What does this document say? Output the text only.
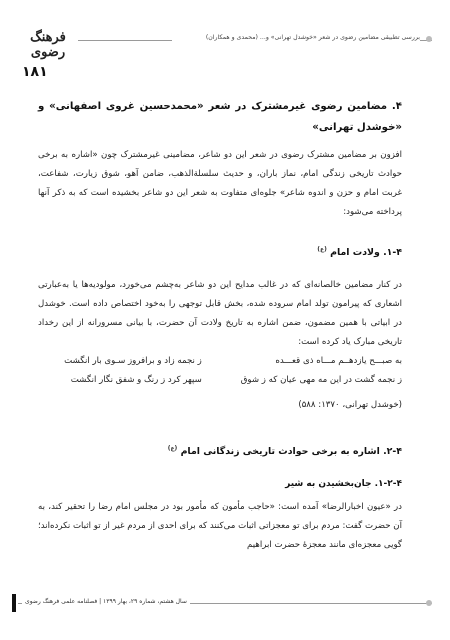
فرهنگ رضوی
بررسی تطبیقی مضامین رضوی در شعر «خوشدل تهرانی» و... (محمدی و همکاران)
۱۸۱

۴. مضامین رضوی غیرمشترک در شعر «محمدحسین غروی اصفهانی» و «خوشدل تهرانی»

افزون بر مضامین مشترک رضوی در شعر این دو شاعر، مضامینی غیرمشترک چون «اشاره به برخی حوادث تاریخی زندگی امام، نماز باران، و حدیث سلسلة‌الذهب، ضامن آهو، شوق زیارت، شفاعت، غربت امام و حزن و اندوه شاعر» جلوه‌ای متفاوت به شعر این دو شاعر بخشیده است که به ذکر آنها پرداخته می‌شود:

۱-۴. ولادت امام $^{(ع)}$

در کنار مضامین خالصانه‌ای که در غالب مدایح این دو شاعر به‌چشم می‌خورد، مولودیه‌ها یا به‌عبارتی اشعاری که پیرامون تولد امام سروده شده، بخش قابل توجهی را به‌خود اختصاص داده است. خوشدل در ابیاتی با همین مضمون، ضمن اشاره به تاریخ ولادت آن حضرت، با بیانی مسرورانه از این رخداد تاریخی مبارک یاد کرده است:

به صبـــح یازدهــم مـــاه ذی قعـــده
ز نجمه زاد و برافروز سـوی بار انگشت
ز نجمه گشت در این مه مهی عیان که ز شوق
سپهر کرد ز رنگ و شفق نگار انگشت

(خوشدل تهرانی، ۱۳۷۰: ۵۸۸)

۲-۴. اشاره به برخی حوادث تاریخی زندگانی امام $^{(ع)}$

۱-۲-۴. جان‌بخشیدن به شیر

در «عیون اخبارالرضا» آمده است: «حاجب مأمون که مأمور بود در مجلس امام رضا را تحقیر کند، به آن حضرت گفت: مردم برای تو معجزاتی اثبات می‌کنند که برای احدی از مردم غیر از تو اثبات نکرده‌اند؛ گویی معجزه‌ای مانند معجزهٔ حضرت ابراهیم

سال هشتم، شماره ۲۹، بهار ۱۳۹۹ | فصلنامه علمی فرهنگ رضوی
